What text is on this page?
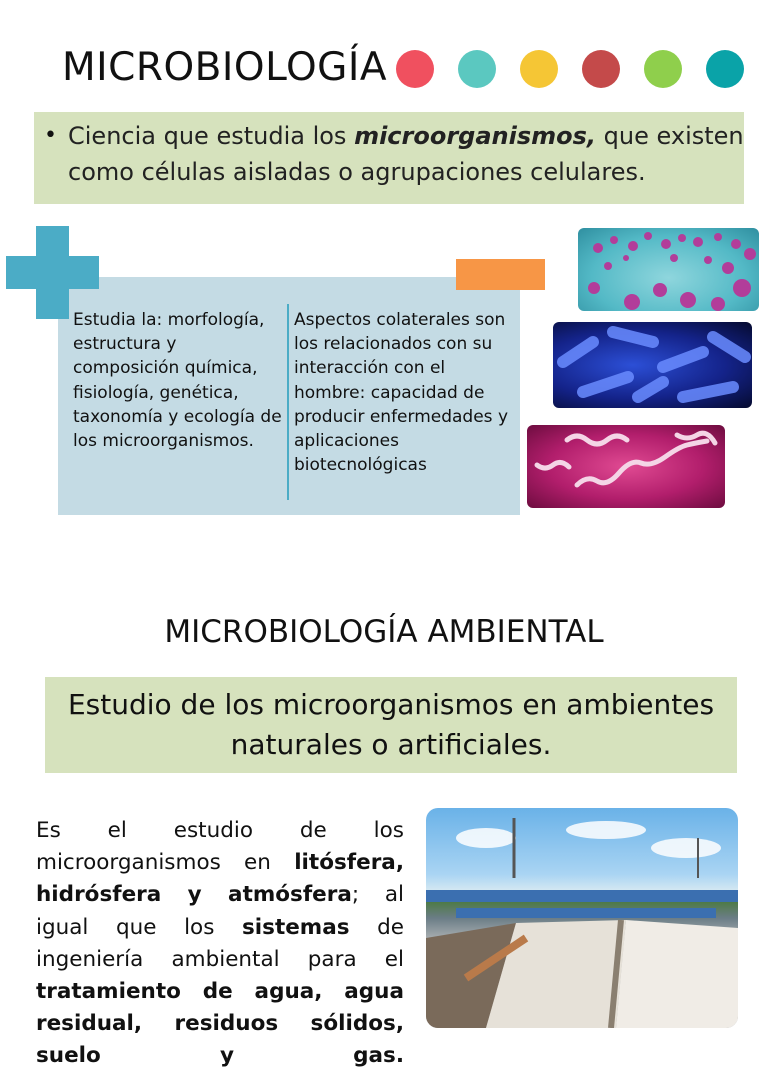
MICROBIOLOGÍA
• Ciencia que estudia los microorganismos, que existen como células aisladas o agrupaciones celulares.
Estudia la: morfología, estructura y composición química, fisiología, genética, taxonomía y ecología de los microorganismos.
Aspectos colaterales son los relacionados con su interacción con el hombre: capacidad de producir enfermedades y aplicaciones biotecnológicas
MICROBIOLOGÍA AMBIENTAL
Estudio de los microorganismos en ambientes naturales o artificiales.
Es el estudio de los microorganismos en litósfera, hidrósfera y atmósfera; al igual que los sistemas de ingeniería ambiental para el tratamiento de agua, agua residual, residuos sólidos, suelo y gas.
